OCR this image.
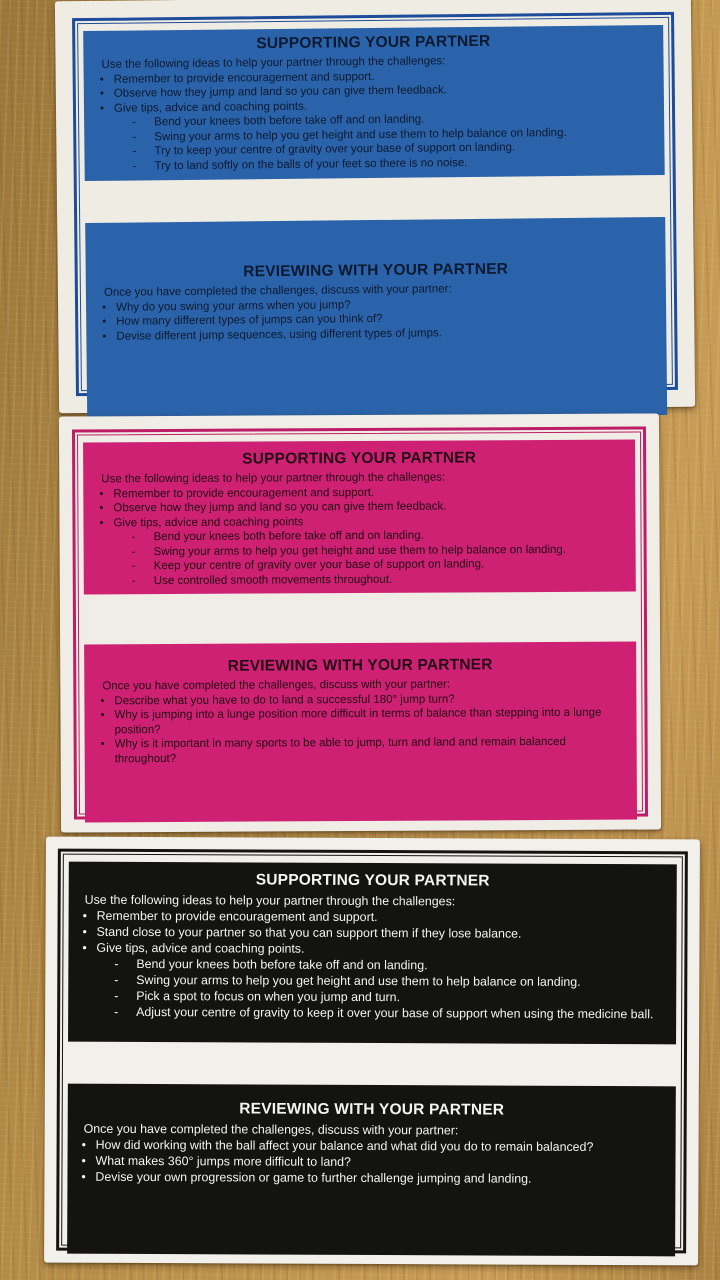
SUPPORTING YOUR PARTNER
Use the following ideas to help your partner through the challenges:
• Remember to provide encouragement and support.
• Observe how they jump and land so you can give them feedback.
• Give tips, advice and coaching points.
-	Bend your knees both before take off and on landing.
-	Swing your arms to help you get height and use them to help balance on landing.
-	Try to keep your centre of gravity over your base of support on landing.
-	Try to land softly on the balls of your feet so there is no noise.
REVIEWING WITH YOUR PARTNER
Once you have completed the challenges, discuss with your partner:
• Why do you swing your arms when you jump?
• How many different types of jumps can you think of?
• Devise different jump sequences, using different types of jumps.
SUPPORTING YOUR PARTNER
Use the following ideas to help your partner through the challenges:
• Remember to provide encouragement and support.
• Observe how they jump and land so you can give them feedback.
• Give tips, advice and coaching points
-	Bend your knees both before take off and on landing.
-	Swing your arms to help you get height and use them to help balance on landing.
-	Keep your centre of gravity over your base of support on landing.
-	Use controlled smooth movements throughout.
REVIEWING WITH YOUR PARTNER
Once you have completed the challenges, discuss with your partner:
• Describe what you have to do to land a successful 180° jump turn?
• Why is jumping into a lunge position more difficult in terms of balance than stepping into a lunge position?
• Why is it important in many sports to be able to jump, turn and land and remain balanced throughout?
SUPPORTING YOUR PARTNER
Use the following ideas to help your partner through the challenges:
• Remember to provide encouragement and support.
• Stand close to your partner so that you can support them if they lose balance.
• Give tips, advice and coaching points.
-	Bend your knees both before take off and on landing.
-	Swing your arms to help you get height and use them to help balance on landing.
-	Pick a spot to focus on when you jump and turn.
-	Adjust your centre of gravity to keep it over your base of support when using the medicine ball.
REVIEWING WITH YOUR PARTNER
Once you have completed the challenges, discuss with your partner:
• How did working with the ball affect your balance and what did you do to remain balanced?
• What makes 360° jumps more difficult to land?
• Devise your own progression or game to further challenge jumping and landing.
